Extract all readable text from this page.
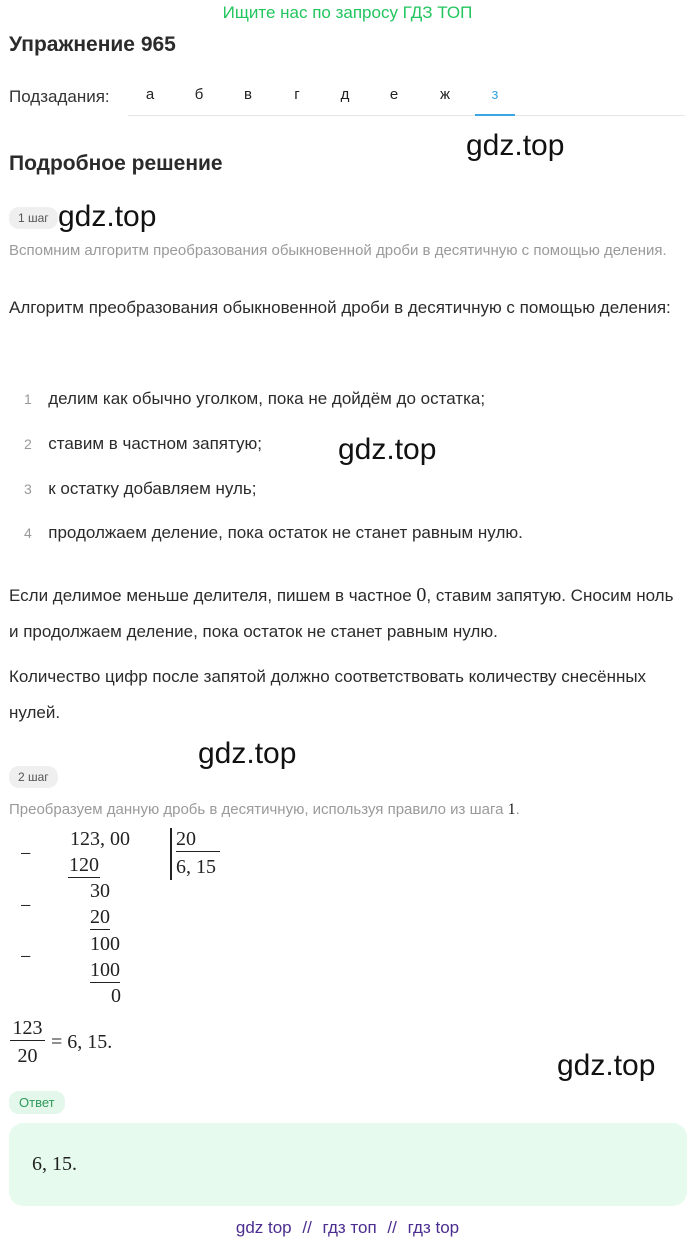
Ищите нас по запросу ГДЗ ТОП
Упражнение 965
Подзадания:	а	б	в	г	д	е	ж	з
Подробное решение
gdz.top
gdz.top
gdz.top
gdz.top
gdz.top
1 шаг
Вспомним алгоритм преобразования обыкновенной дроби в десятичную с помощью деления.
Алгоритм преобразования обыкновенной дроби в десятичную с помощью деления:
1 делим как обычно уголком, пока не дойдём до остатка;
2 ставим в частном запятую;
3 к остатку добавляем нуль;
4 продолжаем деление, пока остаток не станет равным нулю.
Если делимое меньше делителя, пишем в частное 0, ставим запятую. Сносим ноль и продолжаем деление, пока остаток не станет равным нулю.
Количество цифр после запятой должно соответствовать количеству снесённых нулей.
2 шаг
Преобразуем данную дробь в десятичную, используя правило из шага 1.
−
−
−
123, 00
120
30
20
100
100
0
20
6, 15
123
20
= 6, 15.
Ответ
6, 15.
gdz top // гдз топ // гдз top
